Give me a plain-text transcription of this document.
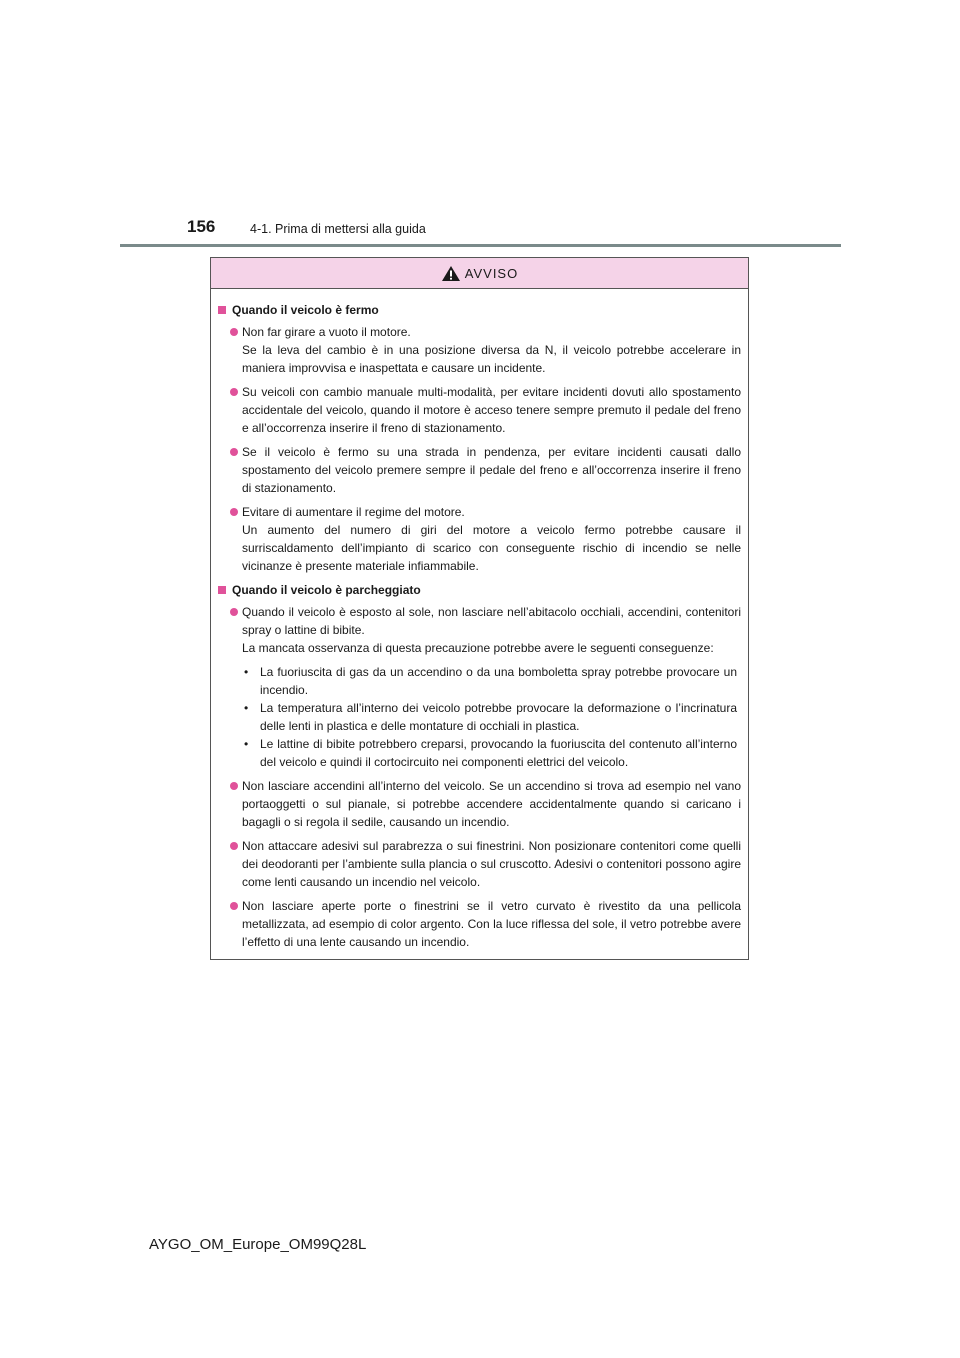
156	4-1. Prima di mettersi alla guida
AVVISO
Quando il veicolo è fermo

Non far girare a vuoto il motore.

Se la leva del cambio è in una posizione diversa da N, il veicolo potrebbe accelerare in maniera improvvisa e inaspettata e causare un incidente.

Su veicoli con cambio manuale multi-modalità, per evitare incidenti dovuti allo spostamento accidentale del veicolo, quando il motore è acceso tenere sempre premuto il pedale del freno e all’occorrenza inserire il freno di stazionamento.

Se il veicolo è fermo su una strada in pendenza, per evitare incidenti causati dallo spostamento del veicolo premere sempre il pedale del freno e all’occorrenza inserire il freno di stazionamento.

Evitare di aumentare il regime del motore.

Un aumento del numero di giri del motore a veicolo fermo potrebbe causare il surriscaldamento dell’impianto di scarico con conseguente rischio di incendio se nelle vicinanze è presente materiale infiammabile.

Quando il veicolo è parcheggiato

Quando il veicolo è esposto al sole, non lasciare nell’abitacolo occhiali, accendini, contenitori spray o lattine di bibite.

La mancata osservanza di questa precauzione potrebbe avere le seguenti conseguenze:

• La fuoriuscita di gas da un accendino o da una bomboletta spray potrebbe provocare un incendio.
• La temperatura all’interno dei veicolo potrebbe provocare la deformazione o l’incrinatura delle lenti in plastica e delle montature di occhiali in plastica.
• Le lattine di bibite potrebbero creparsi, provocando la fuoriuscita del contenuto all’interno del veicolo e quindi il cortocircuito nei componenti elettrici del veicolo.

Non lasciare accendini all’interno del veicolo. Se un accendino si trova ad esempio nel vano portaoggetti o sul pianale, si potrebbe accendere accidentalmente quando si caricano i bagagli o si regola il sedile, causando un incendio.

Non attaccare adesivi sul parabrezza o sui finestrini. Non posizionare contenitori come quelli dei deodoranti per l’ambiente sulla plancia o sul cruscotto. Adesivi o contenitori possono agire come lenti causando un incendio nel veicolo.

Non lasciare aperte porte o finestrini se il vetro curvato è rivestito da una pellicola metallizzata, ad esempio di color argento. Con la luce riflessa del sole, il vetro potrebbe avere l’effetto di una lente causando un incendio.

AYGO_OM_Europe_OM99Q28L
